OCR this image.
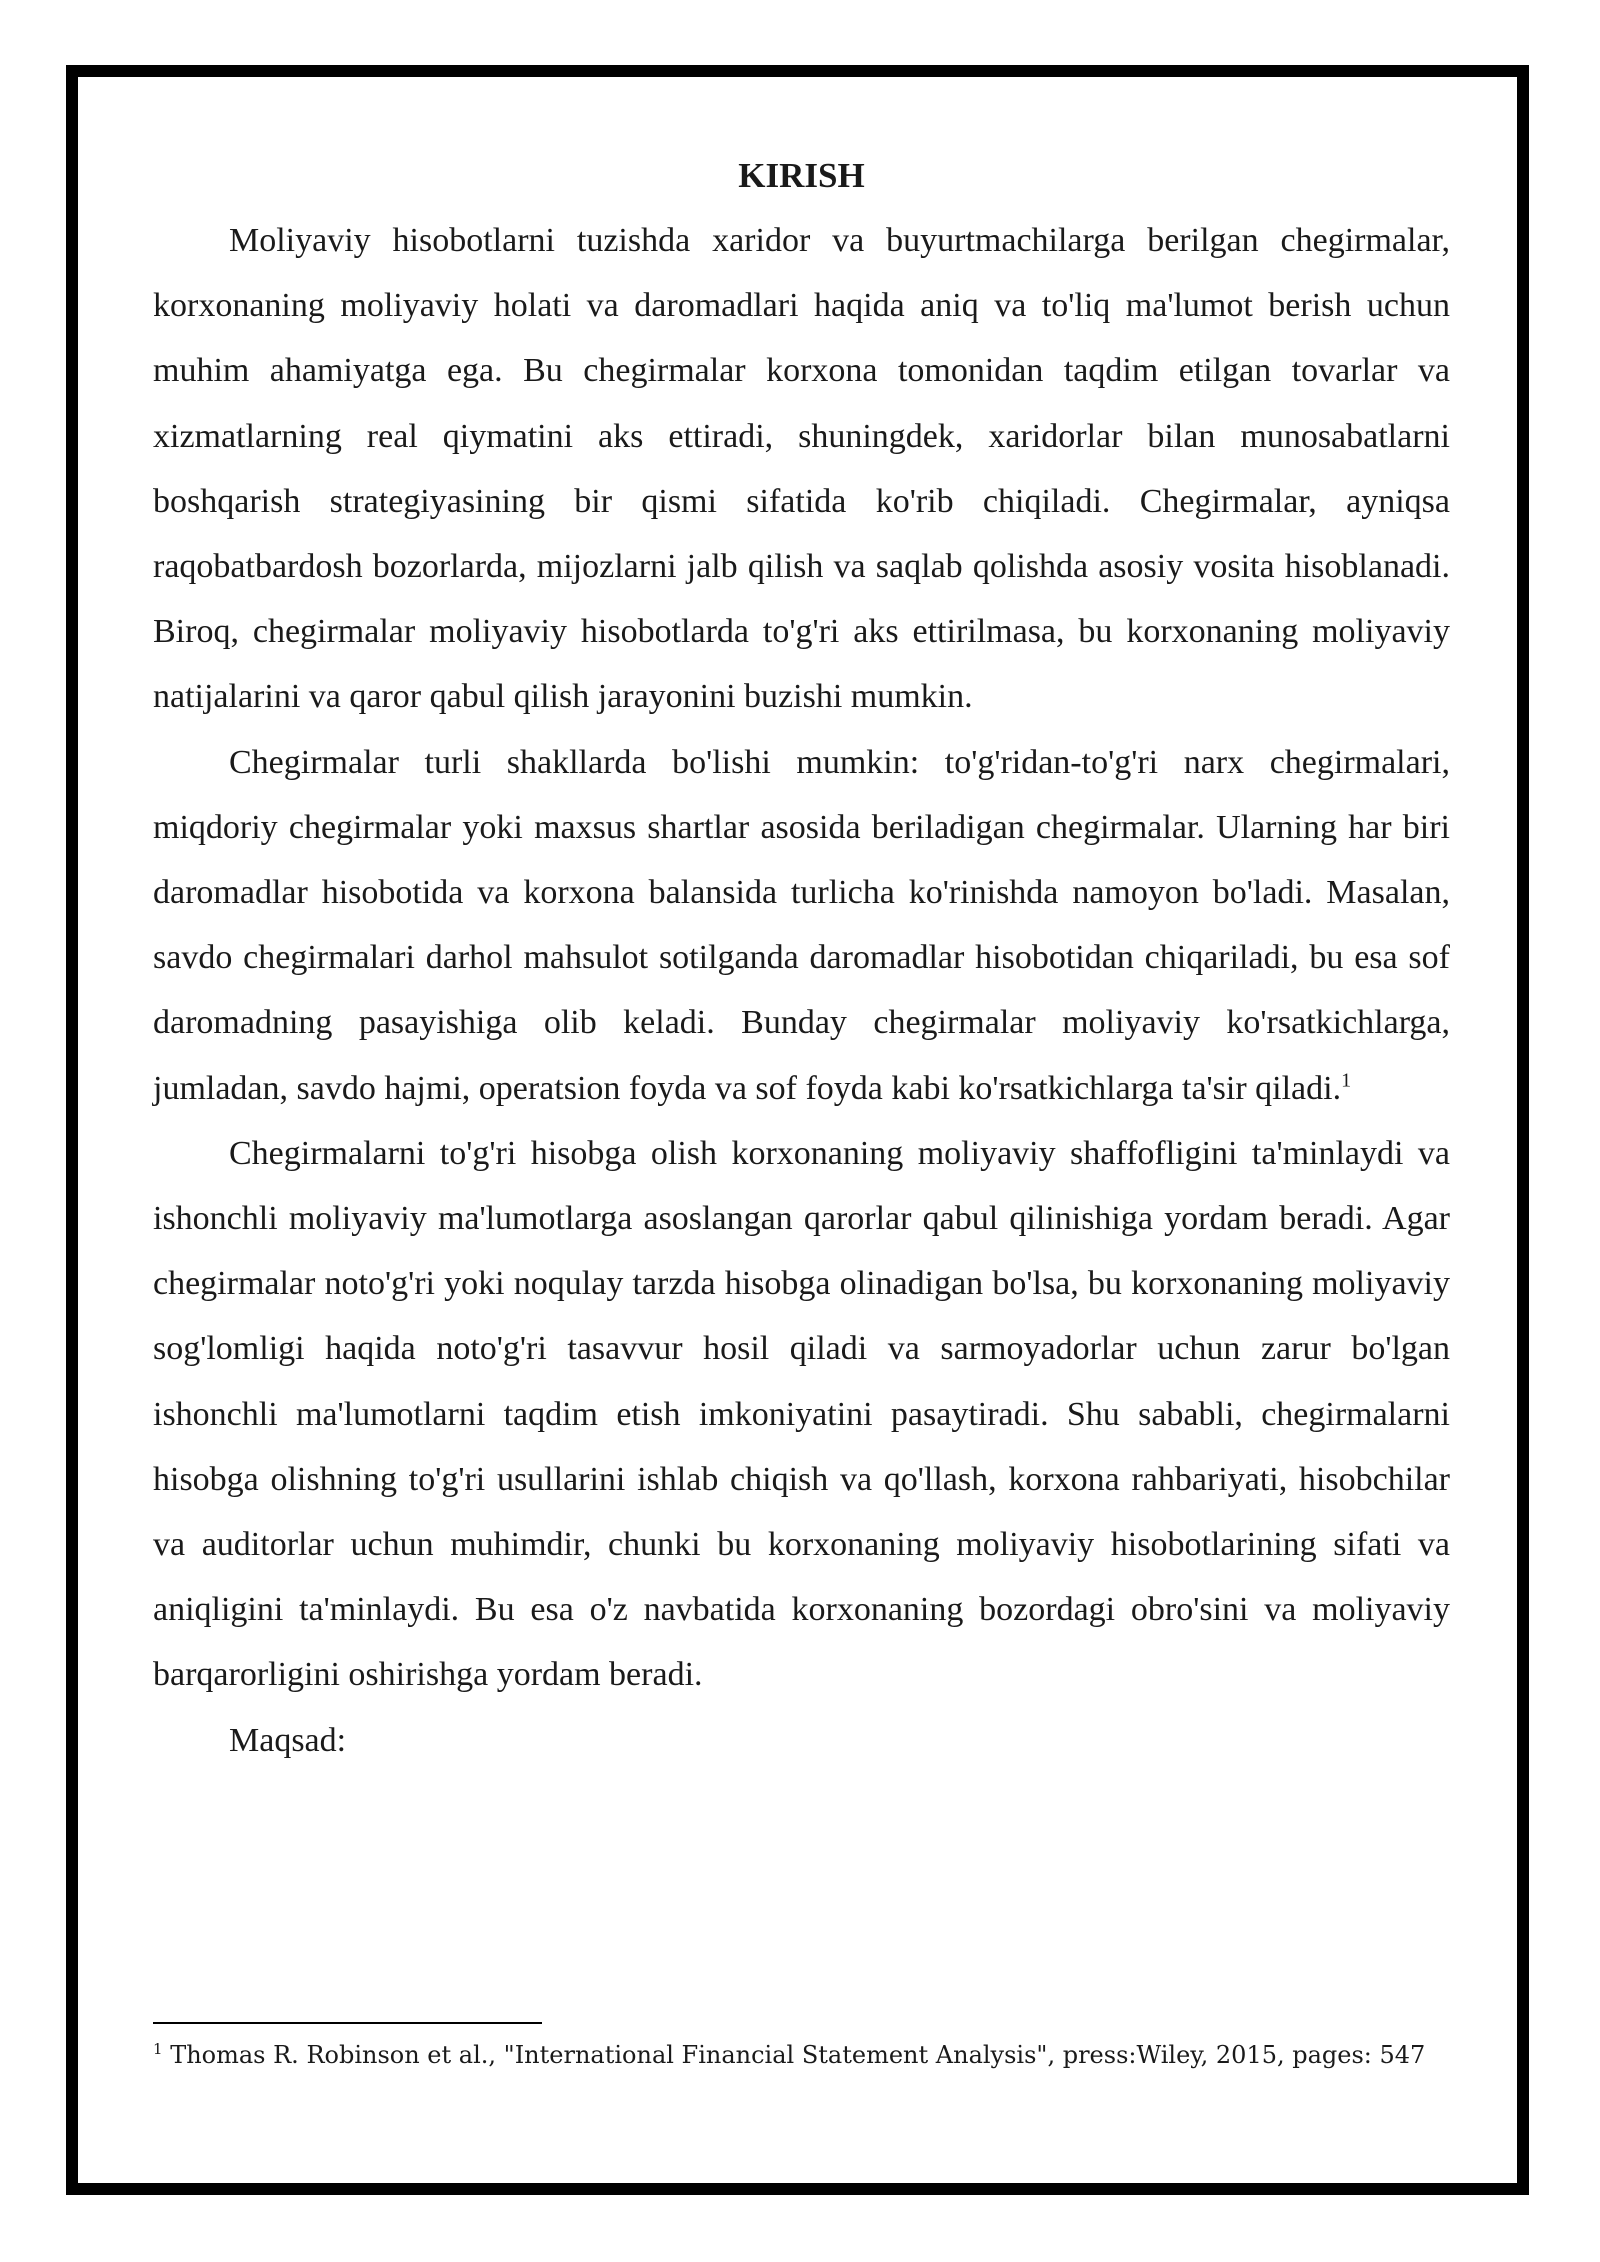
KIRISH

Moliyaviy hisobotlarni tuzishda xaridor va buyurtmachilarga berilgan chegirmalar, korxonaning moliyaviy holati va daromadlari haqida aniq va to'liq ma'lumot berish uchun muhim ahamiyatga ega. Bu chegirmalar korxona tomonidan taqdim etilgan tovarlar va xizmatlarning real qiymatini aks ettiradi, shuningdek, xaridorlar bilan munosabatlarni boshqarish strategiyasining bir qismi sifatida ko'rib chiqiladi. Chegirmalar, ayniqsa raqobatbardosh bozorlarda, mijozlarni jalb qilish va saqlab qolishda asosiy vosita hisoblanadi. Biroq, chegirmalar moliyaviy hisobotlarda to'g'ri aks ettirilmasa, bu korxonaning moliyaviy natijalarini va qaror qabul qilish jarayonini buzishi mumkin.

Chegirmalar turli shakllarda bo'lishi mumkin: to'g'ridan-to'g'ri narx chegirmalari, miqdoriy chegirmalar yoki maxsus shartlar asosida beriladigan chegirmalar. Ularning har biri daromadlar hisobotida va korxona balansida turlicha ko'rinishda namoyon bo'ladi. Masalan, savdo chegirmalari darhol mahsulot sotilganda daromadlar hisobotidan chiqariladi, bu esa sof daromadning pasayishiga olib keladi. Bunday chegirmalar moliyaviy ko'rsatkichlarga, jumladan, savdo hajmi, operatsion foyda va sof foyda kabi ko'rsatkichlarga ta'sir qiladi.$^1$

Chegirmalarni to'g'ri hisobga olish korxonaning moliyaviy shaffofligini ta'minlaydi va ishonchli moliyaviy ma'lumotlarga asoslangan qarorlar qabul qilinishiga yordam beradi. Agar chegirmalar noto'g'ri yoki noqulay tarzda hisobga olinadigan bo'lsa, bu korxonaning moliyaviy sog'lomligi haqida noto'g'ri tasavvur hosil qiladi va sarmoyadorlar uchun zarur bo'lgan ishonchli ma'lumotlarni taqdim etish imkoniyatini pasaytiradi. Shu sababli, chegirmalarni hisobga olishning to'g'ri usullarini ishlab chiqish va qo'llash, korxona rahbariyati, hisobchilar va auditorlar uchun muhimdir, chunki bu korxonaning moliyaviy hisobotlarining sifati va aniqligini ta'minlaydi. Bu esa o'z navbatida korxonaning bozordagi obro'sini va moliyaviy barqarorligini oshirishga yordam beradi.

Maqsad:

$^1$ Thomas R. Robinson et al., "International Financial Statement Analysis", press:Wiley, 2015, pages: 547
